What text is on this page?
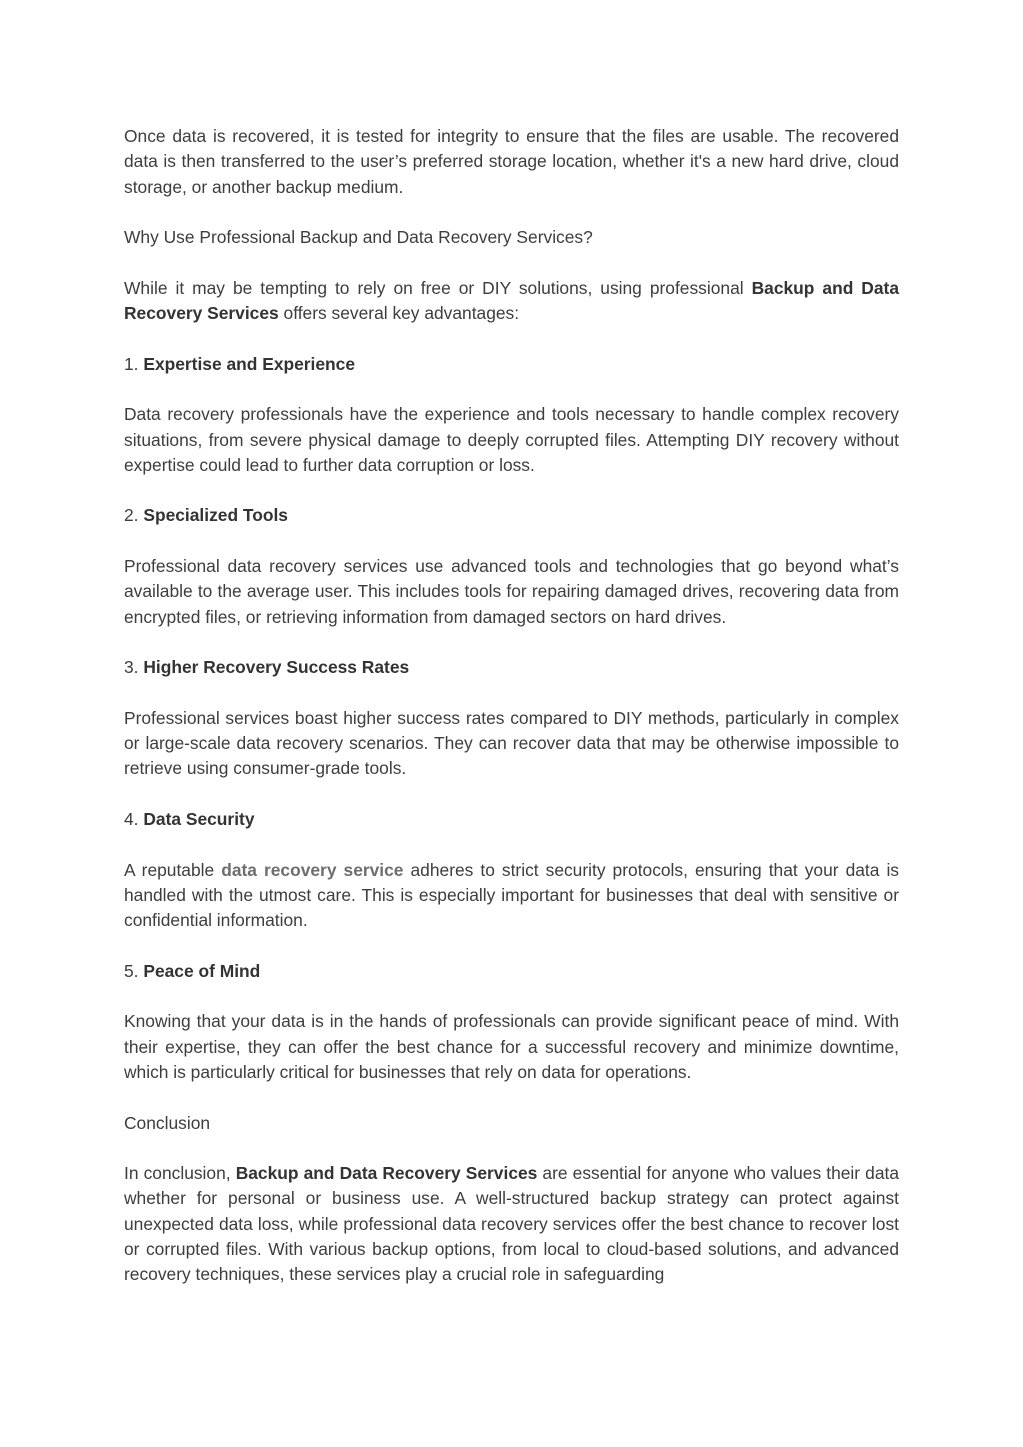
Once data is recovered, it is tested for integrity to ensure that the files are usable. The recovered data is then transferred to the user’s preferred storage location, whether it's a new hard drive, cloud storage, or another backup medium.

Why Use Professional Backup and Data Recovery Services?

While it may be tempting to rely on free or DIY solutions, using professional Backup and Data Recovery Services offers several key advantages:

1. Expertise and Experience

Data recovery professionals have the experience and tools necessary to handle complex recovery situations, from severe physical damage to deeply corrupted files. Attempting DIY recovery without expertise could lead to further data corruption or loss.

2. Specialized Tools

Professional data recovery services use advanced tools and technologies that go beyond what’s available to the average user. This includes tools for repairing damaged drives, recovering data from encrypted files, or retrieving information from damaged sectors on hard drives.

3. Higher Recovery Success Rates

Professional services boast higher success rates compared to DIY methods, particularly in complex or large-scale data recovery scenarios. They can recover data that may be otherwise impossible to retrieve using consumer-grade tools.

4. Data Security

A reputable data recovery service adheres to strict security protocols, ensuring that your data is handled with the utmost care. This is especially important for businesses that deal with sensitive or confidential information.

5. Peace of Mind

Knowing that your data is in the hands of professionals can provide significant peace of mind. With their expertise, they can offer the best chance for a successful recovery and minimize downtime, which is particularly critical for businesses that rely on data for operations.

Conclusion

In conclusion, Backup and Data Recovery Services are essential for anyone who values their data whether for personal or business use. A well-structured backup strategy can protect against unexpected data loss, while professional data recovery services offer the best chance to recover lost or corrupted files. With various backup options, from local to cloud-based solutions, and advanced recovery techniques, these services play a crucial role in safeguarding
